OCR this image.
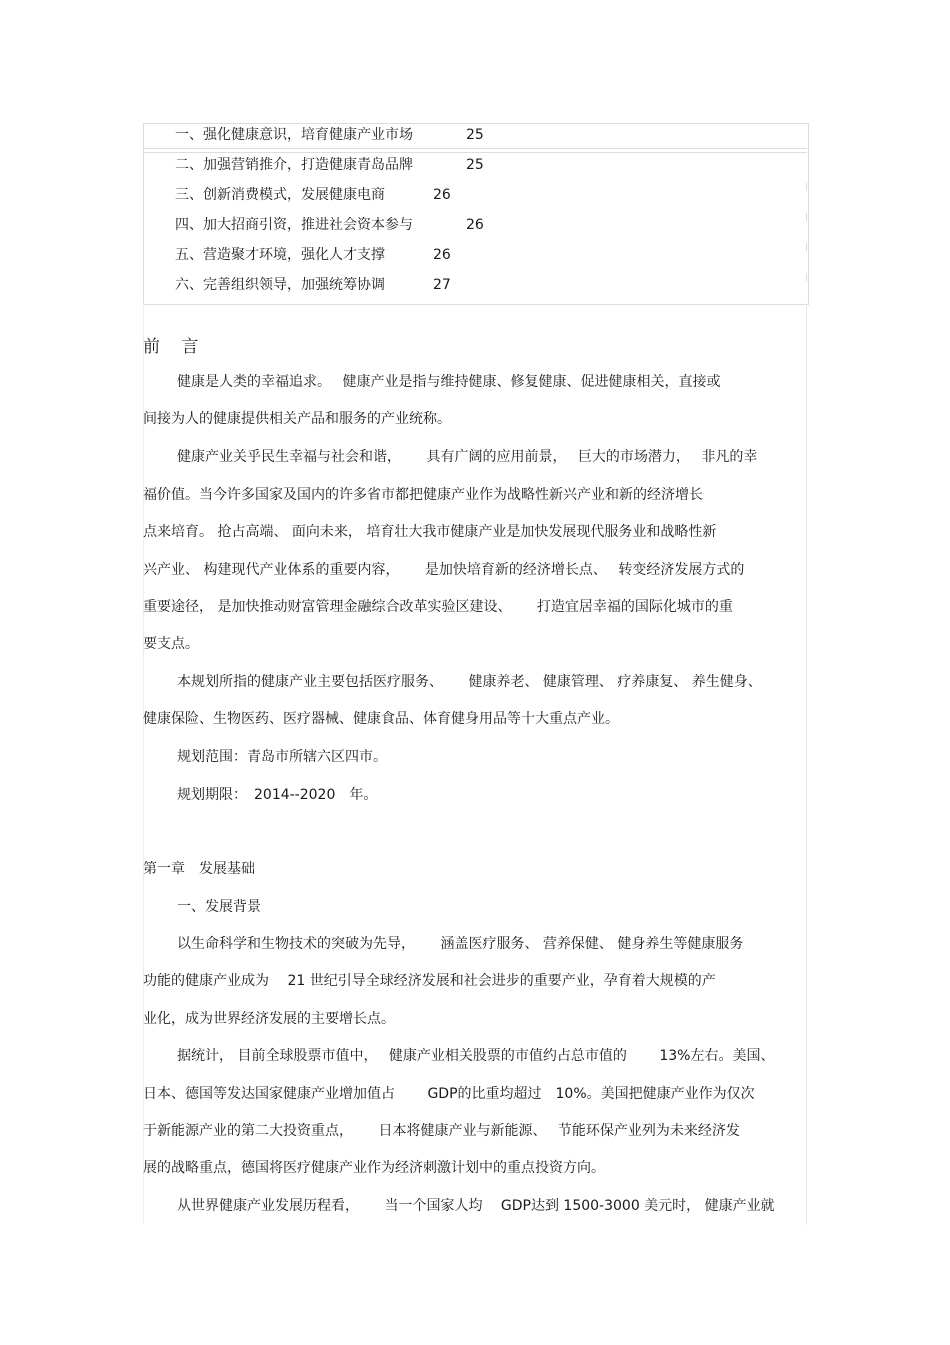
一、强化健康意识，培育健康产业市场	25
二、加强营销推介，打造健康青岛品牌	25
三、创新消费模式，发展健康电商	26
四、加大招商引资，推进社会资本参与	26
五、营造聚才环境，强化人才支撑	26
六、完善组织领导，加强统筹协调	27
前 言
健康是人类的幸福追求。　 健康产业是指与维持健康、修复健康、促进健康相关，直接或
间接为人的健康提供相关产品和服务的产业统称。
健康产业关乎民生幸福与社会和谐，　　 具有广阔的应用前景，　 巨大的市场潜力，　 非凡的幸
福价值。当今许多国家及国内的许多省市都把健康产业作为战略性新兴产业和新的经济增长
点来培育。 抢占高端、 面向未来， 培育壮大我市健康产业是加快发展现代服务业和战略性新
兴产业、 构建现代产业体系的重要内容，　　 是加快培育新的经济增长点、　 转变经济发展方式的
重要途径， 是加快推动财富管理金融综合改革实验区建设、　　 打造宜居幸福的国际化城市的重
要支点。
本规划所指的健康产业主要包括医疗服务、　　 健康养老、 健康管理、 疗养康复、 养生健身、
健康保险、生物医药、医疗器械、健康食品、体育健身用品等十大重点产业。
规划范围：青岛市所辖六区四市。
规划期限：　2014--2020　年。
第一章　发展基础
一、发展背景
以生命科学和生物技术的突破为先导，　　 涵盖医疗服务、 营养保健、 健身养生等健康服务
功能的健康产业成为　 21 世纪引导全球经济发展和社会进步的重要产业，孕育着大规模的产
业化，成为世界经济发展的主要增长点。
据统计， 目前全球股票市值中，　 健康产业相关股票的市值约占总市值的　　 13%左右。美国、
日本、德国等发达国家健康产业增加值占　　 GDP的比重均超过　10%。美国把健康产业作为仅次
于新能源产业的第二大投资重点，　　 日本将健康产业与新能源、　 节能环保产业列为未来经济发
展的战略重点，德国将医疗健康产业作为经济刺激计划中的重点投资方向。
从世界健康产业发展历程看，　　 当一个国家人均　 GDP达到 1500-3000 美元时， 健康产业就
